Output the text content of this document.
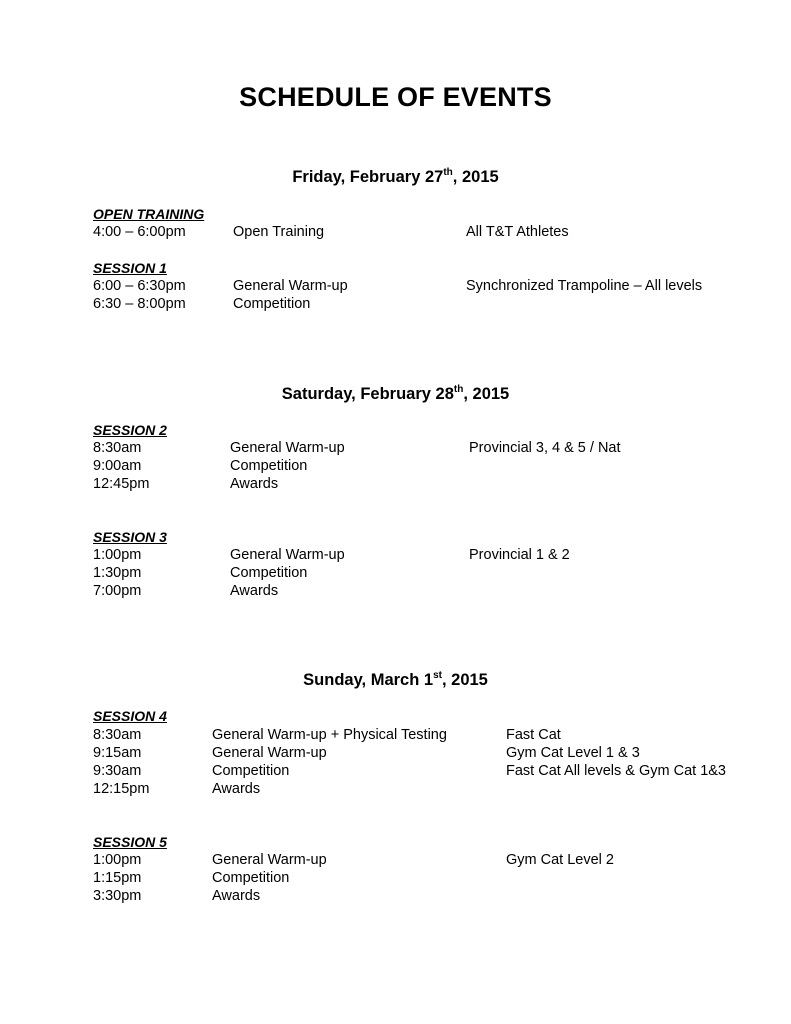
SCHEDULE OF EVENTS
Friday, February 27th, 2015
OPEN TRAINING
4:00 – 6:00pm	Open Training	All T&T Athletes
SESSION 1
6:00 – 6:30pm	General Warm-up	Synchronized Trampoline – All levels
6:30 – 8:00pm	Competition
Saturday, February 28th, 2015
SESSION 2
8:30am	General Warm-up	Provincial 3, 4 & 5 / Nat
9:00am	Competition
12:45pm	Awards
SESSION 3
1:00pm	General Warm-up	Provincial 1 & 2
1:30pm	Competition
7:00pm	Awards
Sunday, March 1st, 2015
SESSION 4
8:30am	General Warm-up + Physical Testing	Fast Cat
9:15am	General Warm-up	Gym Cat Level 1 & 3
9:30am	Competition	Fast Cat All levels & Gym Cat 1&3
12:15pm	Awards
SESSION 5
1:00pm	General Warm-up	Gym Cat Level 2
1:15pm	Competition
3:30pm	Awards
